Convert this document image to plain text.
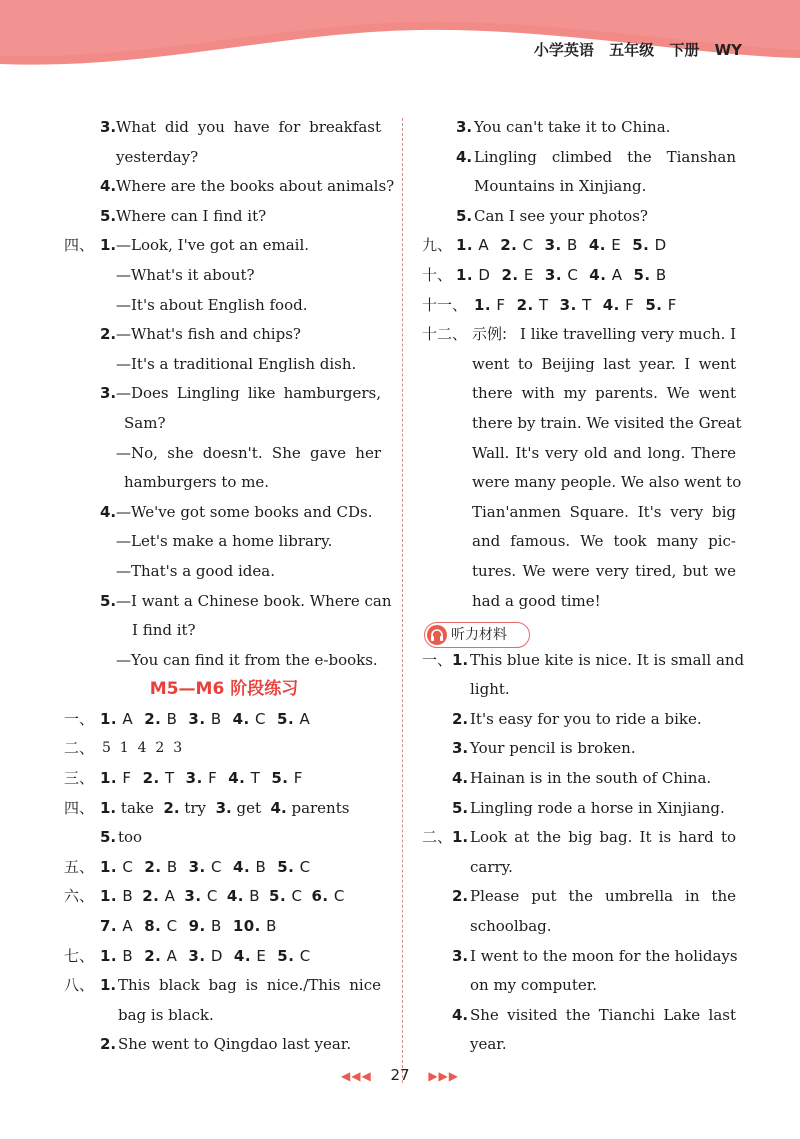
小学英语 五年级 下册 WY
3. What did you have for breakfast
yesterday?
4. Where are the books about animals?
5. Where can I find it?
四、 1. —Look, I've got an email.
—What's it about?
—It's about English food.
2. —What's fish and chips?
—It's a traditional English dish.
3. —Does Lingling like hamburgers,
Sam?
—No, she doesn't. She gave her
hamburgers to me.
4. —We've got some books and CDs.
—Let's make a home library.
—That's a good idea.
5. —I want a Chinese book. Where can
I find it?
—You can find it from the e-books.
M5—M6 阶段练习
一、 1. A 2. B 3. B 4. C 5. A
二、 5  1  4  2  3
三、 1. F 2. T 3. F 4. T 5. F
四、 1. take 2. try 3. get 4. parents
5. too
五、 1. C 2. B 3. C 4. B 5. C
六、 1. B 2. A 3. C 4. B 5. C 6. C
7. A 8. C 9. B 10. B
七、 1. B 2. A 3. D 4. E 5. C
八、 1. This black bag is nice./This nice
bag is black.
2. She went to Qingdao last year.
3. You can't take it to China.
4. Lingling climbed the Tianshan
Mountains in Xinjiang.
5. Can I see your photos?
九、 1. A 2. C 3. B 4. E 5. D
十、 1. D 2. E 3. C 4. A 5. B
十一、 1. F 2. T 3. T 4. F 5. F
十二、 示例: I like travelling very much. I
went to Beijing last year. I went
there with my parents. We went
there by train. We visited the Great
Wall. It's very old and long. There
were many people. We also went to
Tian'anmen Square. It's very big
and famous. We took many pic-
tures. We were very tired, but we
had a good time!
一、 1. This blue kite is nice. It is small and
light.
2. It's easy for you to ride a bike.
3. Your pencil is broken.
4. Hainan is in the south of China.
5. Lingling rode a horse in Xinjiang.
二、 1. Look at the big bag. It is hard to
carry.
2. Please put the umbrella in the
schoolbag.
3. I went to the moon for the holidays
on my computer.
4. She visited the Tianchi Lake last
year.
听力材料
◀◀◀ 27 ▶▶▶
